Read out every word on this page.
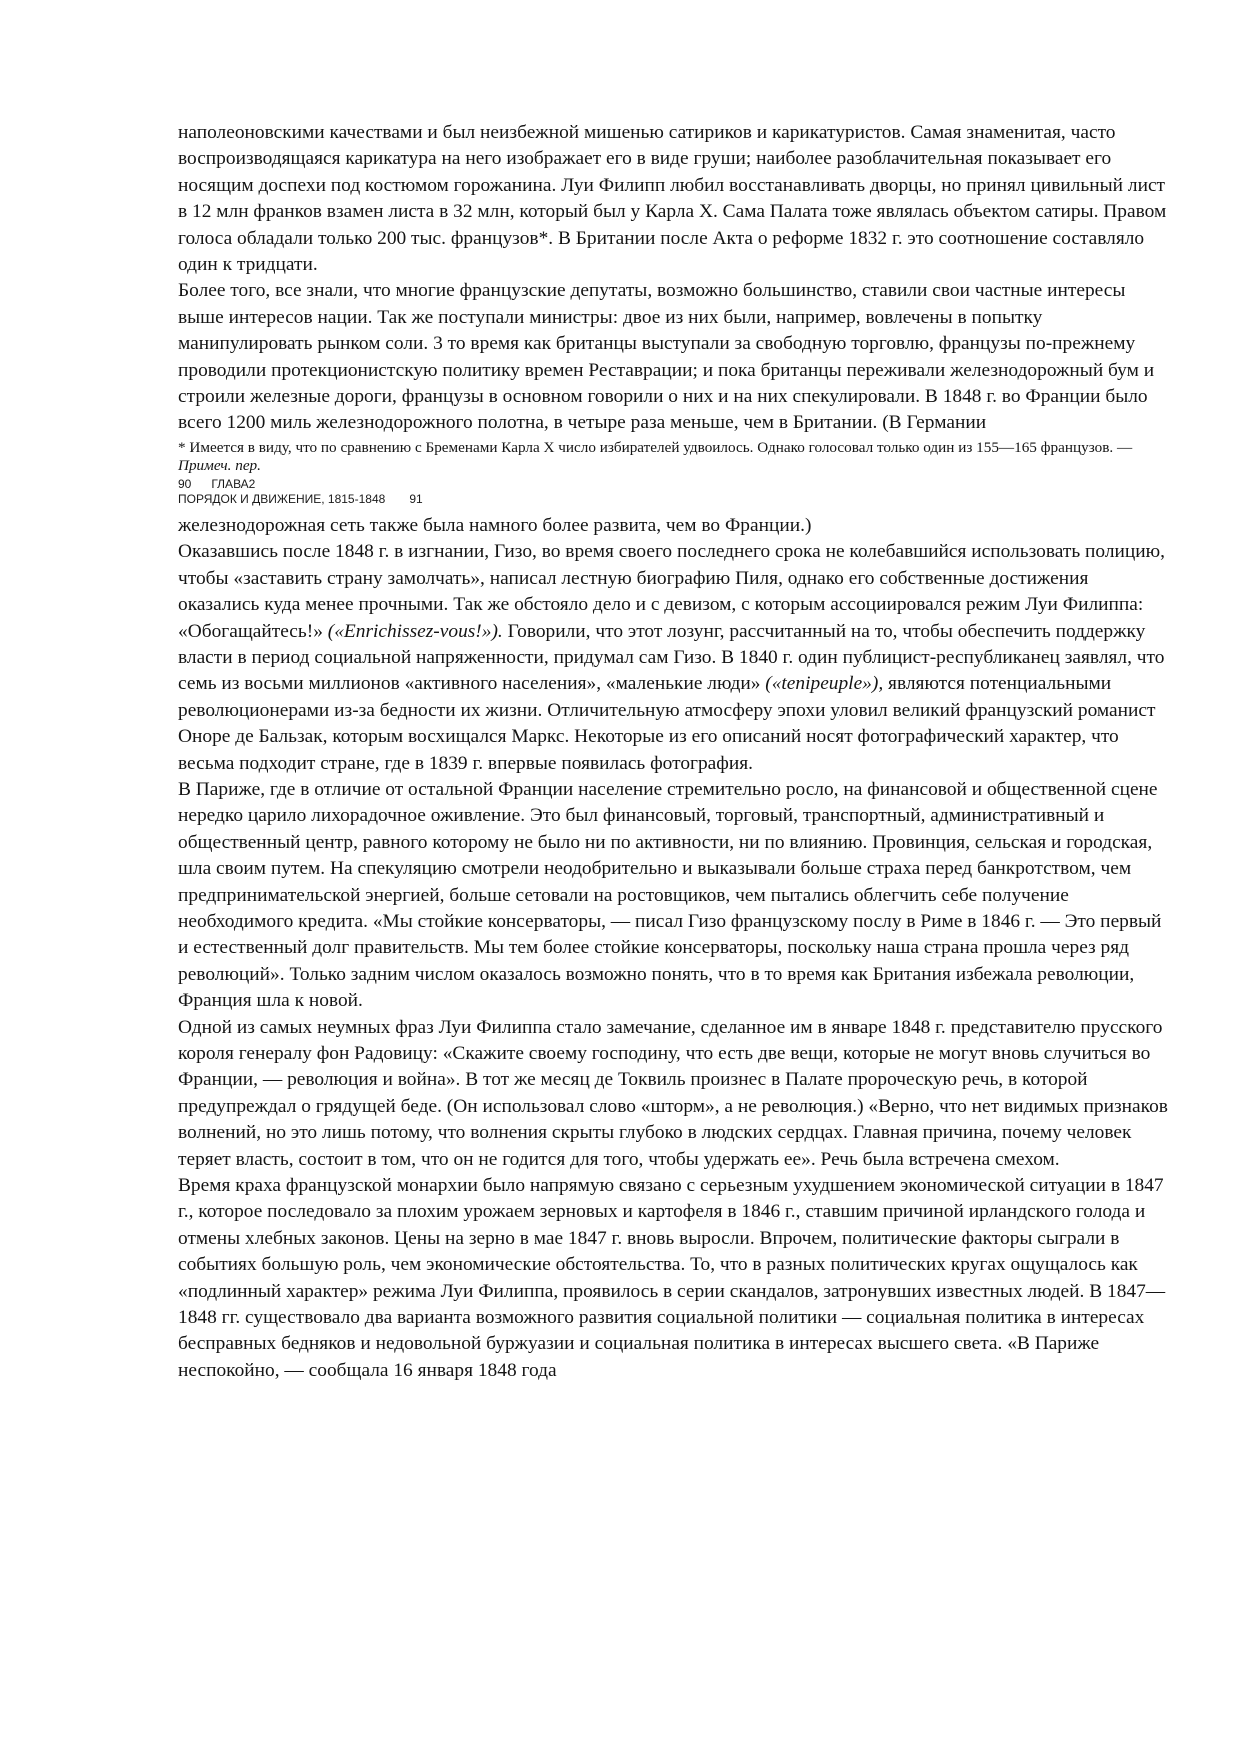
наполеоновскими качествами и был неизбежной мишенью сатириков и карикатуристов. Самая знаменитая, часто воспроизводящаяся карикатура на него изображает его в виде груши; наиболее разоблачительная показывает его носящим доспехи под костюмом горожанина. Луи Филипп любил восстанавливать дворцы, но принял цивильный лист в 12 млн франков взамен листа в 32 млн, который был у Карла X. Сама Палата тоже являлась объектом сатиры. Правом голоса обладали только 200 тыс. французов*. В Британии после Акта о реформе 1832 г. это соотношение составляло один к тридцати.

Более того, все знали, что многие французские депутаты, возможно большинство, ставили свои частные интересы выше интересов нации. Так же поступали министры: двое из них были, например, вовлечены в попытку манипулировать рынком соли. 3 то время как британцы выступали за свободную торговлю, французы по-прежнему проводили протекционистскую политику времен Реставрации; и пока британцы переживали железнодорожный бум и строили железные дороги, французы в основном говорили о них и на них спекулировали. В 1848 г. во Франции было всего 1200 миль железнодорожного полотна, в четыре раза меньше, чем в Британии. (В Германии

* Имеется в виду, что по сравнению с Бременами Карла X число избирателей удвоилось. Однако голосовал только один из 155—165 французов. — Примеч. пер.

90 ГЛАВА2

ПОРЯДОК И ДВИЖЕНИЕ, 1815-1848 91

железнодорожная сеть также была намного более развита, чем во Франции.)

Оказавшись после 1848 г. в изгнании, Гизо, во время своего последнего срока не колебавшийся использовать полицию, чтобы «заставить страну замолчать», написал лестную биографию Пиля, однако его собственные достижения оказались куда менее прочными. Так же обстояло дело и с девизом, с которым ассоциировался режим Луи Филиппа: «Обогащайтесь!» («Enrichissez-vous!»). Говорили, что этот лозунг, рассчитанный на то, чтобы обеспечить поддержку власти в период социальной напряженности, придумал сам Гизо. В 1840 г. один публицист-республиканец заявлял, что семь из восьми миллионов «активного населения», «маленькие люди» («tenipeuple»), являются потенциальными революционерами из-за бедности их жизни. Отличительную атмосферу эпохи уловил великий французский романист Оноре де Бальзак, которым восхищался Маркс. Некоторые из его описаний носят фотографический характер, что весьма подходит стране, где в 1839 г. впервые появилась фотография.

В Париже, где в отличие от остальной Франции население стремительно росло, на финансовой и общественной сцене нередко царило лихорадочное оживление. Это был финансовый, торговый, транспортный, административный и общественный центр, равного которому не было ни по активности, ни по влиянию. Провинция, сельская и городская, шла своим путем. На спекуляцию смотрели неодобрительно и выказывали больше страха перед банкротством, чем предпринимательской энергией, больше сетовали на ростовщиков, чем пытались облегчить себе получение необходимого кредита. «Мы стойкие консерваторы, — писал Гизо французскому послу в Риме в 1846 г. — Это первый и естественный долг правительств. Мы тем более стойкие консерваторы, поскольку наша страна прошла через ряд революций». Только задним числом оказалось возможно понять, что в то время как Британия избежала революции, Франция шла к новой.

Одной из самых неумных фраз Луи Филиппа стало замечание, сделанное им в январе 1848 г. представителю прусского короля генералу фон Радовицу: «Скажите своему господину, что есть две вещи, которые не могут вновь случиться во Франции, — революция и война». В тот же месяц де Токвиль произнес в Палате пророческую речь, в которой предупреждал о грядущей беде. (Он использовал слово «шторм», а не революция.) «Верно, что нет видимых признаков волнений, но это лишь потому, что волнения скрыты глубоко в людских сердцах. Главная причина, почему человек теряет власть, состоит в том, что он не годится для того, чтобы удержать ее». Речь была встречена смехом.

Время краха французской монархии было напрямую связано с серьезным ухудшением экономической ситуации в 1847 г., которое последовало за плохим урожаем зерновых и картофеля в 1846 г., ставшим причиной ирландского голода и отмены хлебных законов. Цены на зерно в мае 1847 г. вновь выросли. Впрочем, политические факторы сыграли в событиях большую роль, чем экономические обстоятельства. То, что в разных политических кругах ощущалось как «подлинный характер» режима Луи Филиппа, проявилось в серии скандалов, затронувших известных людей. В 1847—1848 гг. существовало два варианта возможного развития социальной политики — социальная политика в интересах бесправных бедняков и недовольной буржуазии и социальная политика в интересах высшего света. «В Париже неспокойно, — сообщала 16 января 1848 года
